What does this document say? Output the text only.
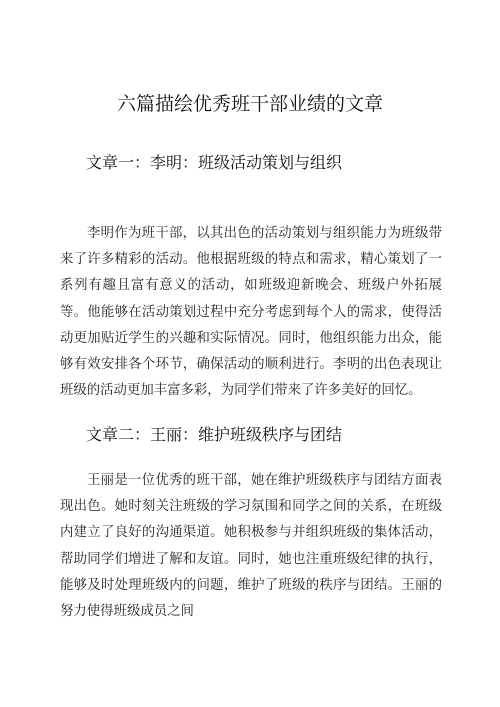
六篇描绘优秀班干部业绩的文章
文章一：李明：班级活动策划与组织

李明作为班干部，以其出色的活动策划与组织能力为班级带来了许多精彩的活动。他根据班级的特点和需求，精心策划了一系列有趣且富有意义的活动，如班级迎新晚会、班级户外拓展等。他能够在活动策划过程中充分考虑到每个人的需求，使得活动更加贴近学生的兴趣和实际情况。同时，他组织能力出众，能够有效安排各个环节，确保活动的顺利进行。李明的出色表现让班级的活动更加丰富多彩，为同学们带来了许多美好的回忆。

文章二：王丽：维护班级秩序与团结

王丽是一位优秀的班干部，她在维护班级秩序与团结方面表现出色。她时刻关注班级的学习氛围和同学之间的关系，在班级内建立了良好的沟通渠道。她积极参与并组织班级的集体活动，帮助同学们增进了解和友谊。同时，她也注重班级纪律的执行，能够及时处理班级内的问题，维护了班级的秩序与团结。王丽的努力使得班级成员之间
